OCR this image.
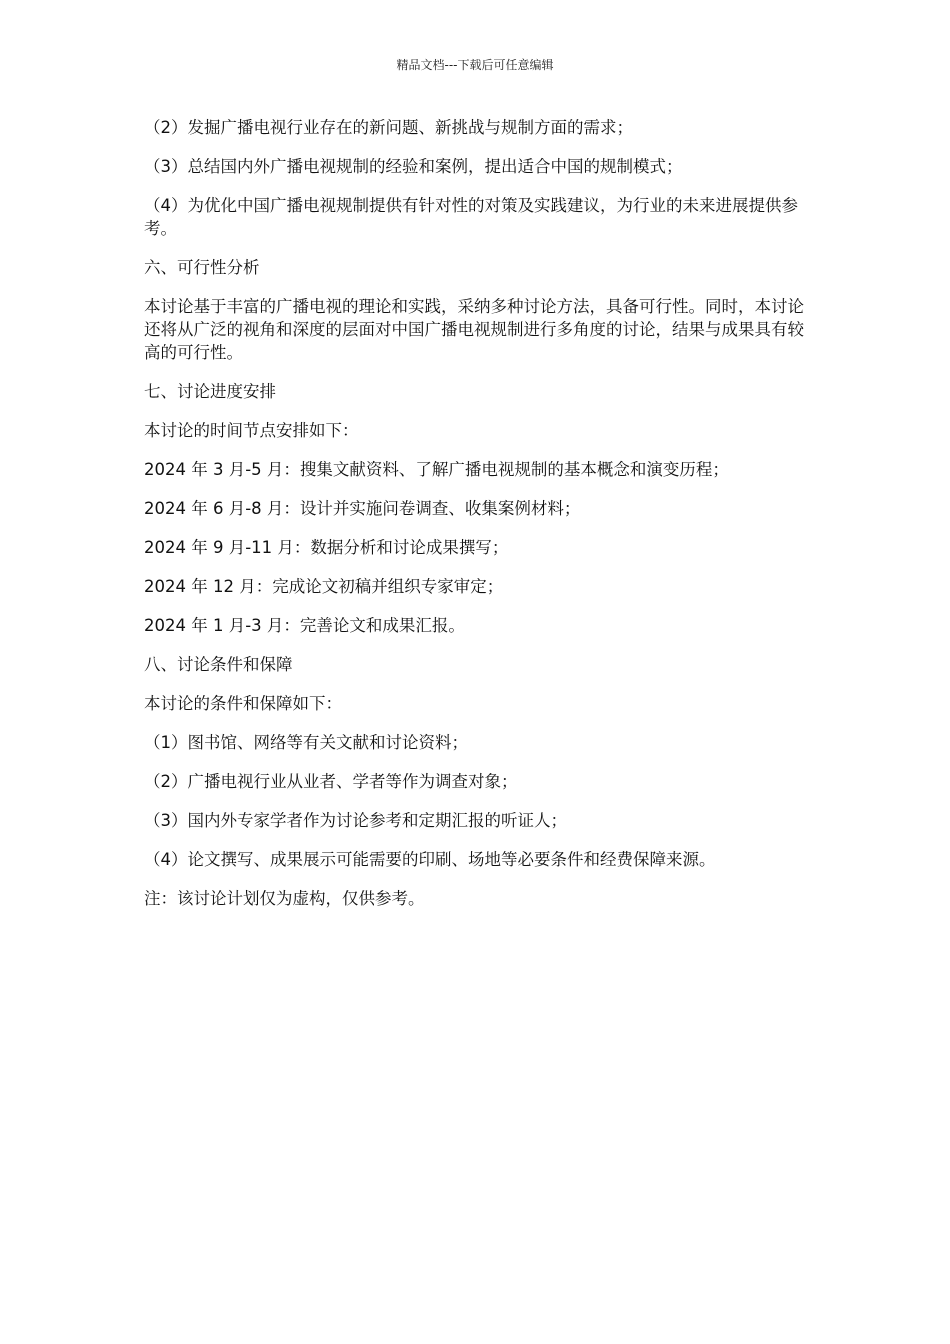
精品文档---下载后可任意编辑

（2）发掘广播电视行业存在的新问题、新挑战与规制方面的需求；

（3）总结国内外广播电视规制的经验和案例，提出适合中国的规制模式；

（4）为优化中国广播电视规制提供有针对性的对策及实践建议，为行业的未来进展提供参考。

六、可行性分析

本讨论基于丰富的广播电视的理论和实践，采纳多种讨论方法，具备可行性。同时，本讨论还将从广泛的视角和深度的层面对中国广播电视规制进行多角度的讨论，结果与成果具有较高的可行性。

七、讨论进度安排

本讨论的时间节点安排如下：

2024 年 3 月-5 月：搜集文献资料、了解广播电视规制的基本概念和演变历程；

2024 年 6 月-8 月：设计并实施问卷调查、收集案例材料；

2024 年 9 月-11 月：数据分析和讨论成果撰写；

2024 年 12 月：完成论文初稿并组织专家审定；

2024 年 1 月-3 月：完善论文和成果汇报。

八、讨论条件和保障

本讨论的条件和保障如下：

（1）图书馆、网络等有关文献和讨论资料；

（2）广播电视行业从业者、学者等作为调查对象；

（3）国内外专家学者作为讨论参考和定期汇报的听证人；

（4）论文撰写、成果展示可能需要的印刷、场地等必要条件和经费保障来源。

注：该讨论计划仅为虚构，仅供参考。
